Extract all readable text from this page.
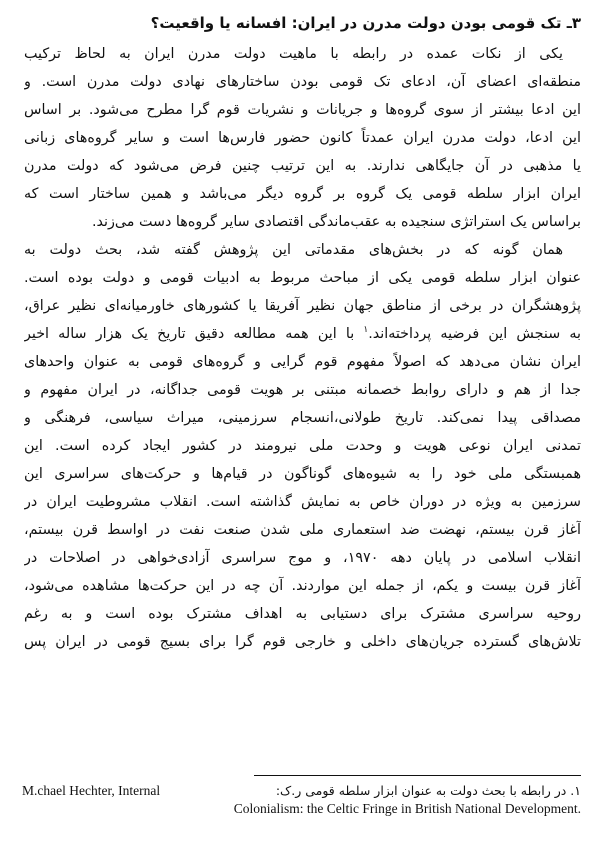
۳ـ تک قومی بودن دولت مدرن در ایران: افسانه یا واقعیت؟
یکی از نکات عمده در رابطه با ماهیت دولت مدرن ایران به لحاظ ترکیب
منطقه‌ای اعضای آن، ادعای تک قومی بودن ساختارهای نهادی دولت مدرن است. و
این ادعا بیشتر از سوی گروه‌ها و جریانات و نشریات قوم گرا مطرح می‌شود. بر اساس
این ادعا، دولت مدرن ایران عمدتاً کانون حضور فارس‌ها است و سایر گروه‌های زبانی
یا مذهبی در آن جایگاهی ندارند. به این ترتیب چنین فرض می‌شود که دولت مدرن
ایران ابزار سلطه قومی یک گروه بر گروه دیگر می‌باشد و همین ساختار است که
براساس یک استراتژی سنجیده به عقب‌ماندگی اقتصادی سایر گروه‌ها دست می‌زند.
همان گونه که در بخش‌های مقدماتی این پژوهش گفته شد، بحث دولت به
عنوان ابزار سلطه قومی یکی از مباحث مربوط به ادبیات قومی و دولت بوده است.
پژوهشگران در برخی از مناطق جهان نظیر آفریقا یا کشورهای خاورمیانه‌ای نظیر عراق،
به سنجش این فرضیه پرداخته‌اند.$^۱$ با این همه مطالعه دقیق تاریخ یک هزار ساله اخیر
ایران نشان می‌دهد که اصولاً مفهوم قوم گرایی و گروه‌های قومی به عنوان واحدهای
جدا از هم و دارای روابط خصمانه مبتنی بر هویت قومی جداگانه، در ایران مفهوم و
مصداقی پیدا نمی‌کند. تاریخ طولانی،انسجام سرزمینی، میراث سیاسی، فرهنگی و
تمدنی ایران نوعی هویت و وحدت ملی نیرومند در کشور ایجاد کرده است. این
همبستگی ملی خود را به شیوه‌های گوناگون در قیام‌ها و حرکت‌های سراسری این
سرزمین به ویژه در دوران خاص به نمایش گذاشته است. انقلاب مشروطیت ایران در
آغاز قرن بیستم، نهضت ضد استعماری ملی شدن صنعت نفت در اواسط قرن بیستم،
انقلاب اسلامی در پایان دهه ۱۹۷۰، و موج سراسری آزادی‌خواهی در اصلاحات در
آغاز قرن بیست و یکم، از جمله این مواردند. آن چه در این حرکت‌ها مشاهده می‌شود،
روحیه سراسری مشترک برای دستیابی به اهداف مشترک بوده است و به رغم
تلاش‌های گسترده جریان‌های داخلی و خارجی قوم گرا برای بسیج قومی در ایران پس
M.chael Hechter, Internal	۱. در رابطه با بحث دولت به عنوان ابزار سلطه قومی ر.ک:
Colonialism: the Celtic Fringe in British National Development.
